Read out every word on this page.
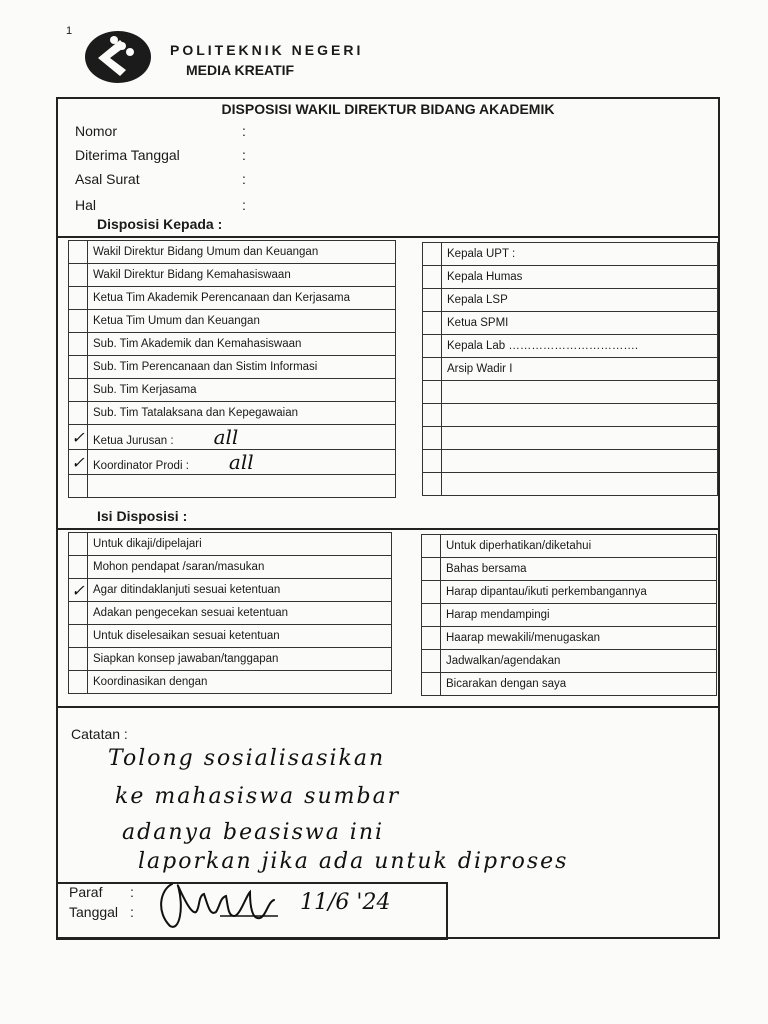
1
POLITEKNIK NEGERI
MEDIA KREATIF
DISPOSISI WAKIL DIREKTUR BIDANG AKADEMIK
Nomor	:
Diterima Tanggal	:
Asal Surat	:
Hal	:
Disposisi Kepada :
	Wakil Direktur Bidang Umum dan Keuangan
	Wakil Direktur Bidang Kemahasiswaan
	Ketua Tim Akademik Perencanaan dan Kerjasama
	Ketua Tim Umum dan Keuangan
	Sub. Tim Akademik dan Kemahasiswaan
	Sub. Tim Perencanaan dan Sistim Informasi
	Sub. Tim Kerjasama
	Sub. Tim Tatalaksana dan Kepegawaian
✓	Ketua Jurusan : all
✓	Koordinator Prodi : all

	Kepala UPT :
	Kepala Humas
	Kepala LSP
	Ketua SPMI
	Kepala Lab …………………………….
	Arsip Wadir I

Isi Disposisi :
	Untuk dikaji/dipelajari
	Mohon pendapat /saran/masukan
✓	Agar ditindaklanjuti sesuai ketentuan
	Adakan pengecekan sesuai ketentuan
	Untuk diselesaikan sesuai ketentuan
	Siapkan konsep jawaban/tanggapan
	Koordinasikan dengan
	Untuk diperhatikan/diketahui
	Bahas bersama
	Harap dipantau/ikuti perkembangannya
	Harap mendampingi
	Haarap mewakili/menugaskan
	Jadwalkan/agendakan
	Bicarakan dengan saya
Catatan :
Tolong sosialisasikan
ke mahasiswa sumbar
adanya beasiswa ini
laporkan jika ada untuk diproses
Paraf :
Tanggal :	11/6 '24
